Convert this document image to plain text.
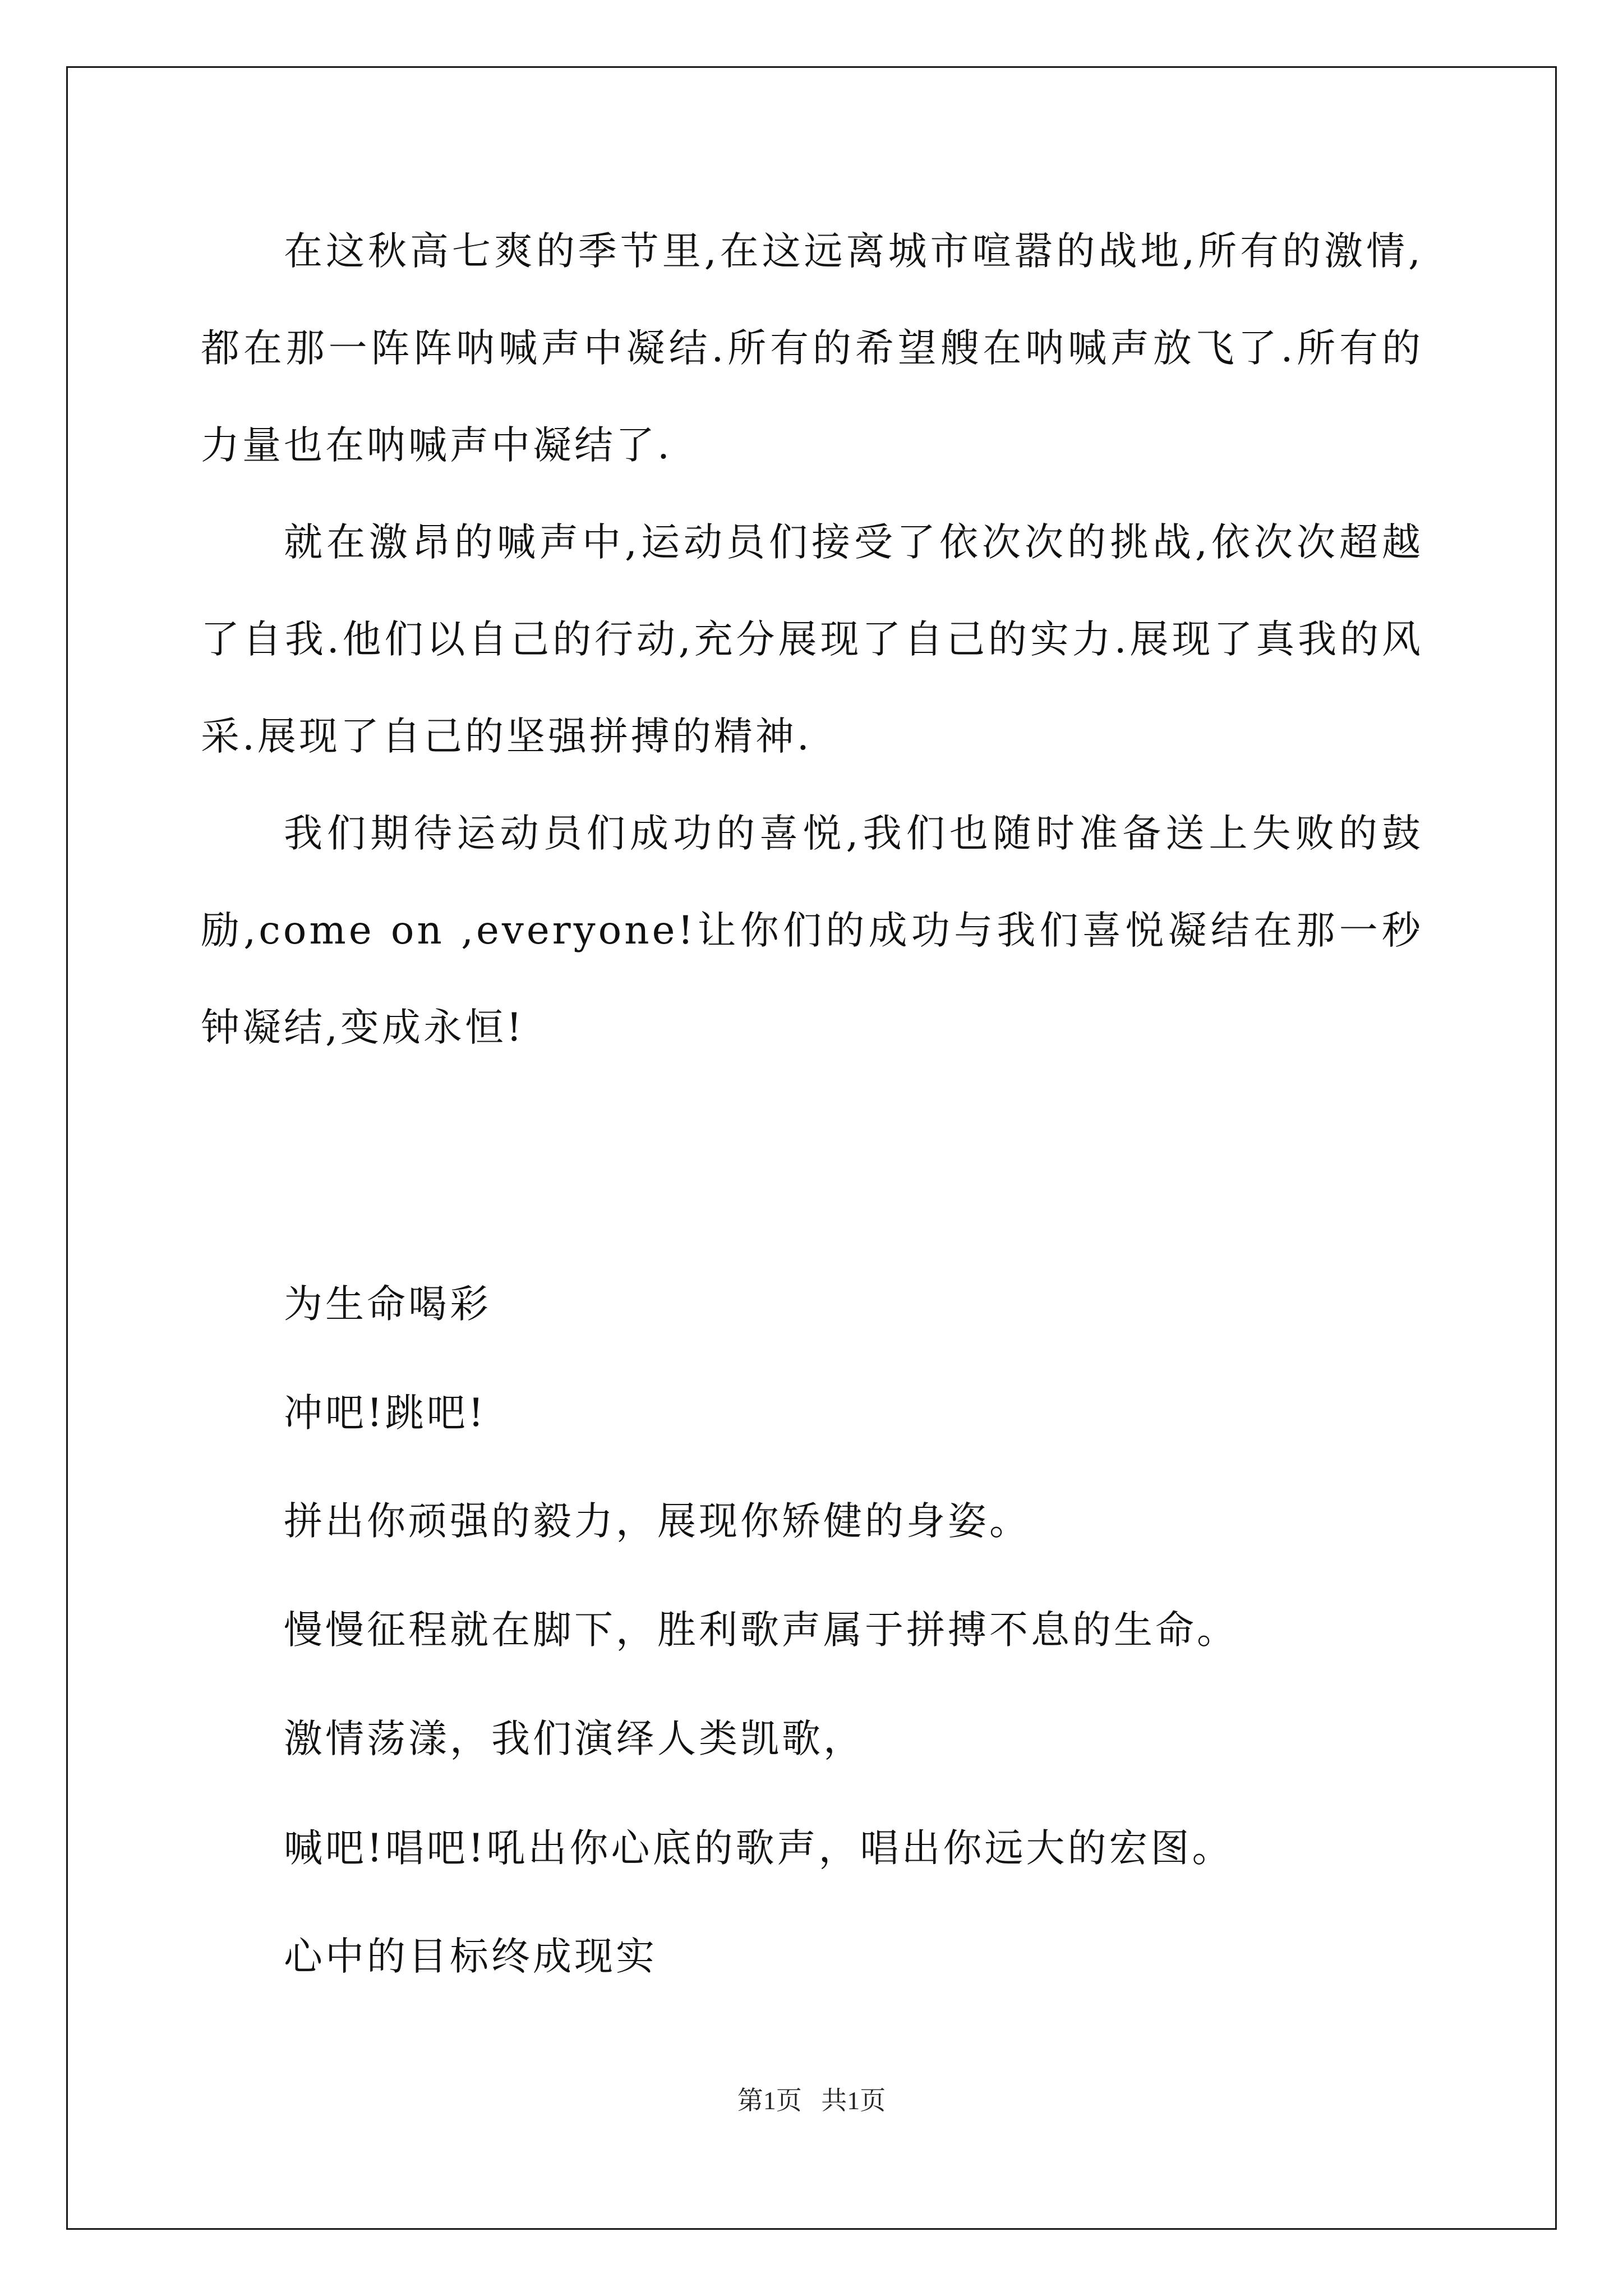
在这秋高七爽的季节里,在这远离城市喧嚣的战地,所有的激情,都在那一阵阵呐喊声中凝结.所有的希望艘在呐喊声放飞了.所有的力量也在呐喊声中凝结了.

就在激昂的喊声中,运动员们接受了依次次的挑战,依次次超越了自我.他们以自己的行动,充分展现了自己的实力.展现了真我的风采.展现了自己的坚强拼搏的精神.

我们期待运动员们成功的喜悦,我们也随时准备送上失败的鼓励,come on ,everyone!让你们的成功与我们喜悦凝结在那一秒钟凝结,变成永恒!

为生命喝彩

冲吧!跳吧!

拼出你顽强的毅力，展现你矫健的身姿。

慢慢征程就在脚下，胜利歌声属于拼搏不息的生命。

激情荡漾，我们演绎人类凯歌，

喊吧!唱吧!吼出你心底的歌声，唱出你远大的宏图。

心中的目标终成现实

第1页 共1页
